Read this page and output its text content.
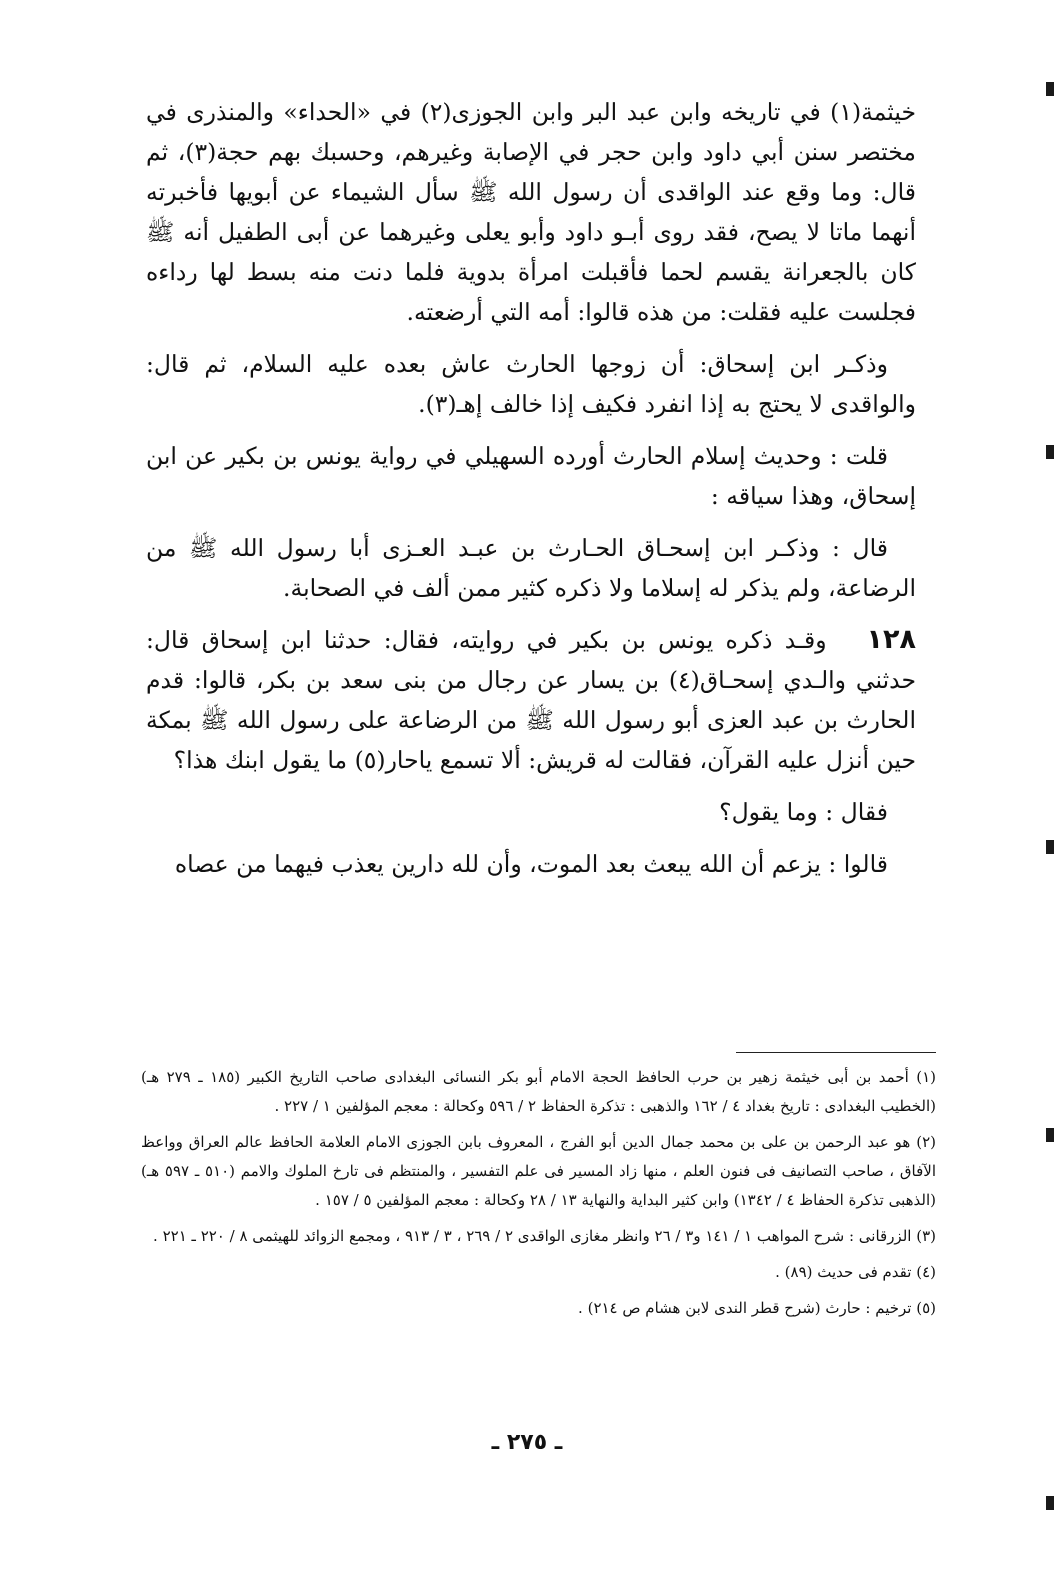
خيثمة(١) في تاريخه وابن عبد البر وابن الجوزى(٢) في «الحداء» والمنذرى في مختصر سنن أبي داود وابن حجر في الإصابة وغيرهم، وحسبك بهم حجة(٣)، ثم قال: وما وقع عند الواقدى أن رسول الله ﷺ سأل الشيماء عن أبويها فأخبرته أنهما ماتا لا يصح، فقد روى أبـو داود وأبو يعلى وغيرهما عن أبى الطفيل أنه ﷺ كان بالجعرانة يقسم لحما فأقبلت امرأة بدوية فلما دنت منه بسط لها رداءه فجلست عليه فقلت: من هذه قالوا: أمه التي أرضعته.

وذكـر ابن إسحاق: أن زوجها الحارث عاش بعده عليه السلام، ثم قال: والواقدى لا يحتج به إذا انفرد فكيف إذا خالف إهـ(٣).

قلت : وحديث إسلام الحارث أورده السهيلي في رواية يونس بن بكير عن ابن إسحاق، وهذا سياقه :

قال : وذكـر ابن إسحـاق الحـارث بن عبـد العـزى أبا رسول الله ﷺ من الرضاعة، ولم يذكر له إسلاما ولا ذكره كثير ممن ألف في الصحابة.

١٢٨وقـد ذكره يونس بن بكير في روايته، فقال: حدثنا ابن إسحاق قال: حدثني والـدي إسحـاق(٤) بن يسار عن رجال من بنى سعد بن بكر، قالوا: قدم الحارث بن عبد العزى أبو رسول الله ﷺ من الرضاعة على رسول الله ﷺ بمكة حين أنزل عليه القرآن، فقالت له قريش: ألا تسمع ياحار(٥) ما يقول ابنك هذا؟

فقال : وما يقول؟

قالوا : يزعم أن الله يبعث بعد الموت، وأن لله دارين يعذب فيهما من عصاه

(١) أحمد بن أبى خيثمة زهير بن حرب الحافظ الحجة الامام أبو بكر النسائى البغدادى صاحب التاريخ الكبير (١٨٥ ـ ٢٧٩ هـ) (الخطيب البغدادى : تاريخ بغداد ٤ / ١٦٢ والذهبى : تذكرة الحفاظ ٢ / ٥٩٦ وكحالة : معجم المؤلفين ١ / ٢٢٧ .

(٢) هو عبد الرحمن بن على بن محمد جمال الدين أبو الفرج ، المعروف بابن الجوزى الامام العلامة الحافظ عالم العراق وواعظ الآفاق ، صاحب التصانيف فى فنون العلم ، منها زاد المسير فى علم التفسير ، والمنتظم فى تارخ الملوك والامم (٥١٠ ـ ٥٩٧ هـ) (الذهبى تذكرة الحفاظ ٤ / ١٣٤٢) وابن كثير البداية والنهاية ١٣ / ٢٨ وكحالة : معجم المؤلفين ٥ / ١٥٧ .

(٣) الزرقانى : شرح المواهب ١ / ١٤١ و٣ / ٢٦ وانظر مغازى الواقدى ٢ / ٢٦٩ ، ٣ / ٩١٣ ، ومجمع الزوائد للهيثمى ٨ / ٢٢٠ ـ ٢٢١ .

(٤) تقدم فى حديث (٨٩) .

(٥) ترخيم : حارث (شرح قطر الندى لابن هشام ص ٢١٤) .

ـ ٢٧٥ ـ
